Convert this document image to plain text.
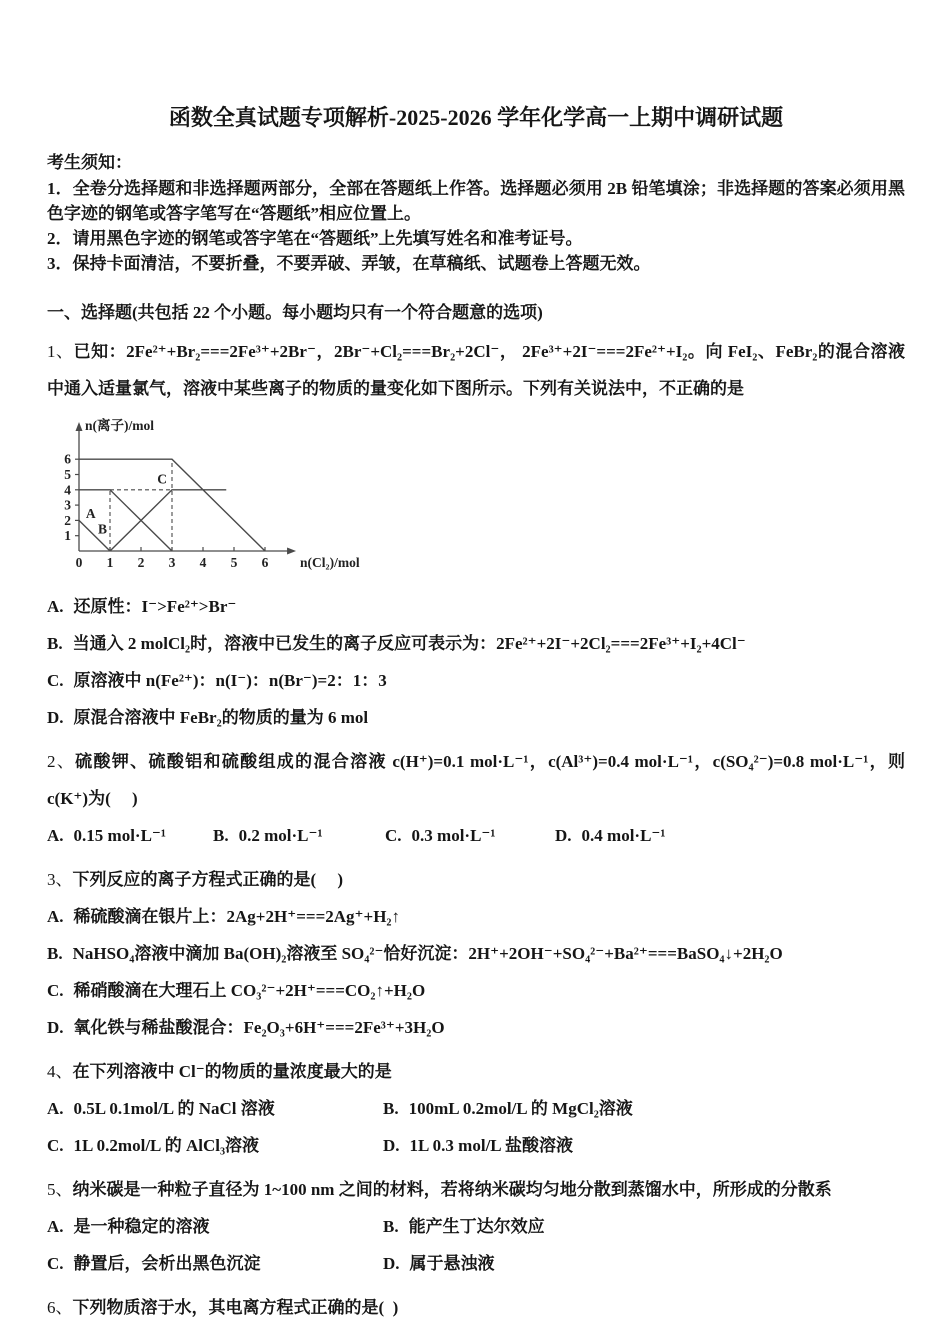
函数全真试题专项解析-2025-2026 学年化学高一上期中调研试题

考生须知：

1．全卷分选择题和非选择题两部分，全部在答题纸上作答。选择题必须用 2B 铅笔填涂；非选择题的答案必须用黑色字迹的钢笔或答字笔写在“答题纸”相应位置上。

2．请用黑色字迹的钢笔或答字笔在“答题纸”上先填写姓名和准考证号。

3．保持卡面清洁，不要折叠，不要弄破、弄皱，在草稿纸、试题卷上答题无效。

一、选择题(共包括 22 个小题。每小题均只有一个符合题意的选项)

1、已知：2Fe²⁺+Br₂===2Fe³⁺+2Br⁻，2Br⁻+Cl₂===Br₂+2Cl⁻， 2Fe³⁺+2I⁻===2Fe²⁺+I₂。向 FeI₂、FeBr₂的混合溶液中通入适量氯气，溶液中某些离子的物质的量变化如下图所示。下列有关说法中，不正确的是

1
2
3
4
5
6
0 1 2 3 4 5 6
A
B
C
n(离子)/mol
n(Cl₂)/mol

A. 还原性：I⁻>Fe²⁺>Br⁻

B. 当通入 2 molCl₂时，溶液中已发生的离子反应可表示为：2Fe²⁺+2I⁻+2Cl₂===2Fe³⁺+I₂+4Cl⁻

C. 原溶液中 n(Fe²⁺)：n(I⁻)：n(Br⁻)=2：1：3

D. 原混合溶液中 FeBr₂的物质的量为 6 mol

2、硫酸钾、硫酸铝和硫酸组成的混合溶液 c(H⁺)=0.1 mol·L⁻¹，c(Al³⁺)=0.4 mol·L⁻¹，c(SO₄²⁻)=0.8 mol·L⁻¹，则 c(K⁺)为(     )

A. 0.15 mol·L⁻¹	B. 0.2 mol·L⁻¹	C. 0.3 mol·L⁻¹	D. 0.4 mol·L⁻¹

3、下列反应的离子方程式正确的是(     )

A. 稀硫酸滴在银片上：2Ag+2H⁺===2Ag⁺+H₂↑

B. NaHSO₄溶液中滴加 Ba(OH)₂溶液至 SO₄²⁻恰好沉淀：2H⁺+2OH⁻+SO₄²⁻+Ba²⁺===BaSO₄↓+2H₂O

C. 稀硝酸滴在大理石上 CO₃²⁻+2H⁺===CO₂↑+H₂O

D. 氧化铁与稀盐酸混合：Fe₂O₃+6H⁺===2Fe³⁺+3H₂O

4、在下列溶液中 Cl⁻的物质的量浓度最大的是

A. 0.5L 0.1mol/L 的 NaCl 溶液	B. 100mL 0.2mol/L 的 MgCl₂溶液

C. 1L 0.2mol/L 的 AlCl₃溶液	D. 1L 0.3 mol/L 盐酸溶液

5、纳米碳是一种粒子直径为 1~100 nm 之间的材料，若将纳米碳均匀地分散到蒸馏水中，所形成的分散系

A. 是一种稳定的溶液	B. 能产生丁达尔效应

C. 静置后，会析出黑色沉淀	D. 属于悬浊液

6、下列物质溶于水，其电离方程式正确的是(  )
